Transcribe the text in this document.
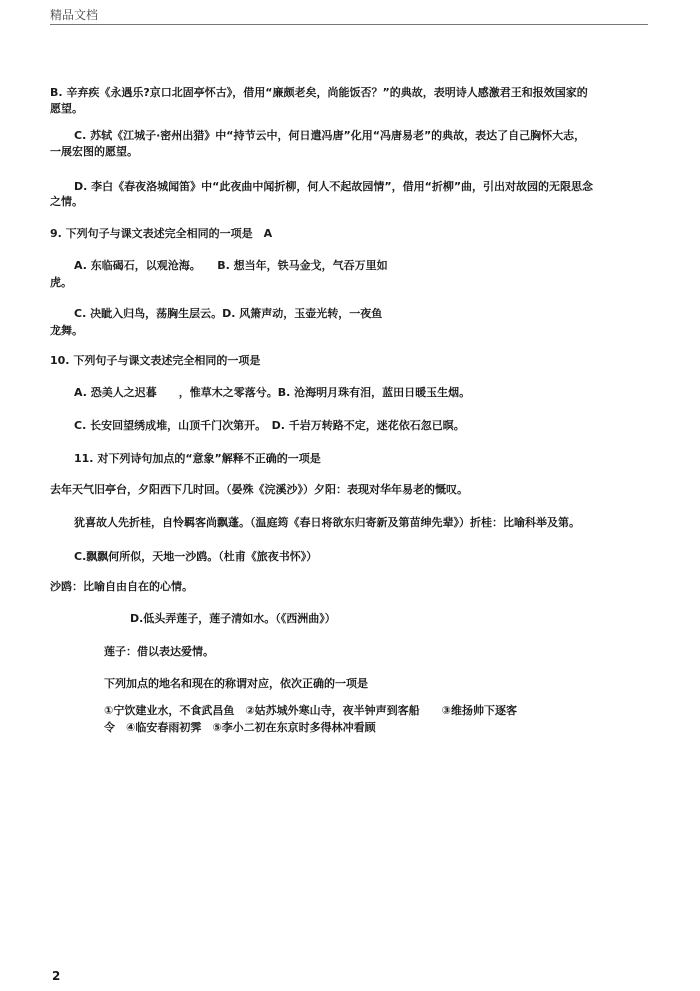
精品文档
B. 辛弃疾《永遇乐?京口北固亭怀古》，借用“廉颇老矣，尚能饭否？”的典故，表明诗人感激君王和报效国家的
愿望。
C. 苏轼《江城子·密州出猎》中“持节云中，何日遣冯唐”化用“冯唐易老”的典故，表达了自己胸怀大志，
一展宏图的愿望。
D. 李白《春夜洛城闻笛》中“此夜曲中闻折柳，何人不起故园情”，借用“折柳”曲，引出对故园的无限思念
之情。
9. 下列句子与课文表述完全相同的一项是　A
A. 东临碣石，以观沧海。　　B. 想当年，铁马金戈，气吞万里如
虎。
C. 决眦入归鸟，荡胸生层云。D. 风箫声动，玉壶光转，一夜鱼
龙舞。
10. 下列句子与课文表述完全相同的一项是
A. 恐美人之迟暮　　，惟草木之零落兮。B. 沧海明月珠有泪，蓝田日暖玉生烟。
C. 长安回望绣成堆，山顶千门次第开。　D. 千岩万转路不定，迷花依石忽已暝。
11. 对下列诗句加点的“意象”解释不正确的一项是
去年天气旧亭台，夕阳西下几时回。（晏殊《浣溪沙》）夕阳：表现对华年易老的慨叹。
犹喜故人先折桂，自怜羁客尚飘蓬。（温庭筠《春日将欲东归寄新及第苗绅先辈》）折桂：比喻科举及第。
C.飘飘何所似，天地一沙鸥。（杜甫《旅夜书怀》）
沙鸥：比喻自由自在的心情。
D.低头弄莲子，莲子清如水。（《西洲曲》）
莲子：借以表达爱情。
下列加点的地名和现在的称谓对应，依次正确的一项是
①宁饮建业水，不食武昌鱼　②姑苏城外寒山寺，夜半钟声到客船　　③维扬帅下逐客
令　④临安春雨初霁　⑤李小二初在东京时多得林冲看顾
2
